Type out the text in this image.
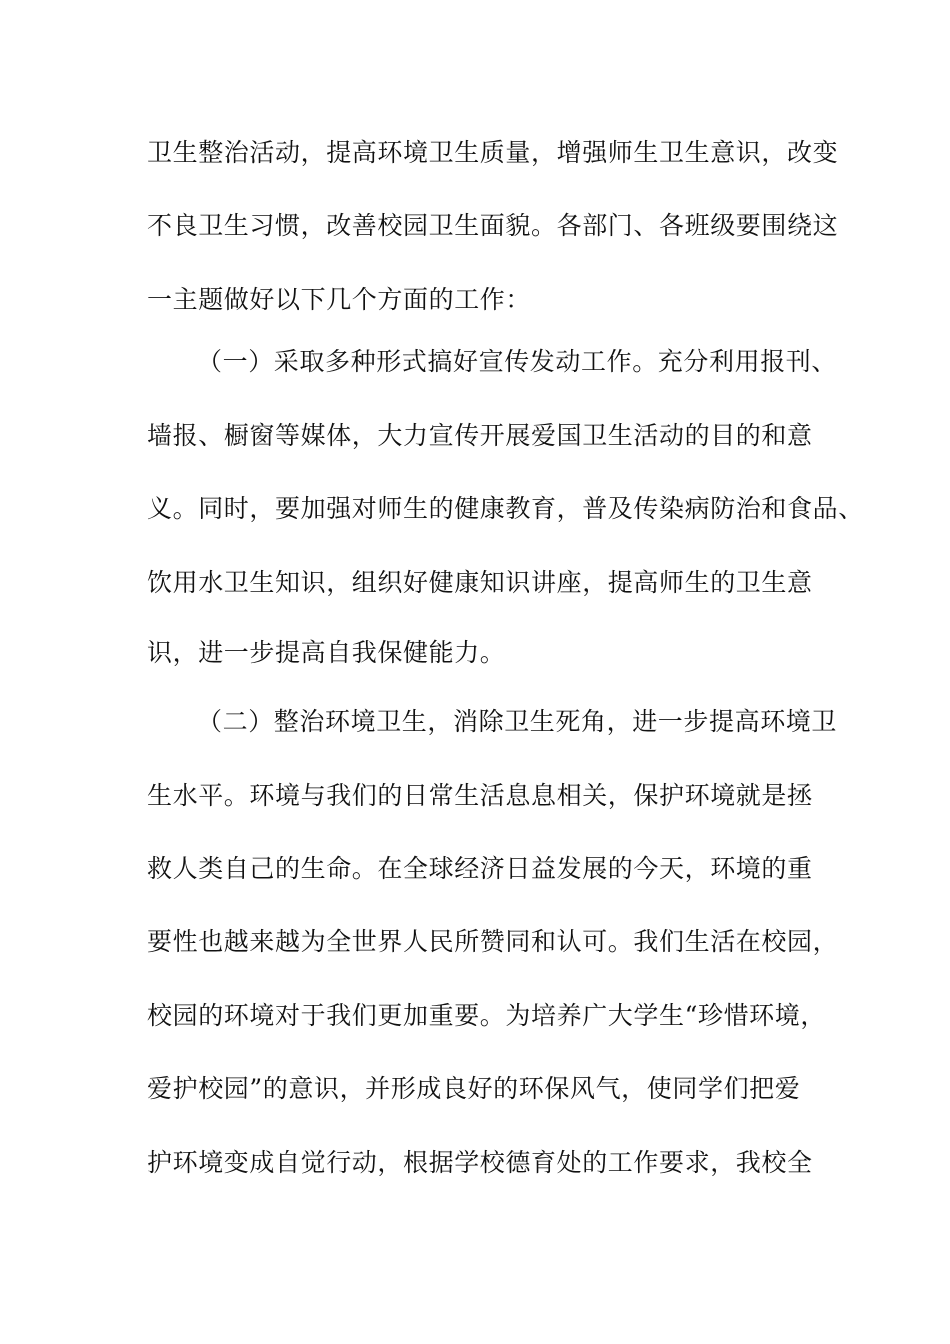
卫生整治活动，提高环境卫生质量，增强师生卫生意识，改变
不良卫生习惯，改善校园卫生面貌。各部门、各班级要围绕这
一主题做好以下几个方面的工作：
（一）采取多种形式搞好宣传发动工作。充分利用报刊、
墙报、橱窗等媒体，大力宣传开展爱国卫生活动的目的和意
义。同时，要加强对师生的健康教育，普及传染病防治和食品、
饮用水卫生知识，组织好健康知识讲座，提高师生的卫生意
识，进一步提高自我保健能力。
（二）整治环境卫生，消除卫生死角，进一步提高环境卫
生水平。环境与我们的日常生活息息相关，保护环境就是拯
救人类自己的生命。在全球经济日益发展的今天，环境的重
要性也越来越为全世界人民所赞同和认可。我们生活在校园，
校园的环境对于我们更加重要。为培养广大学生“珍惜环境，
爱护校园”的意识，并形成良好的环保风气，使同学们把爱
护环境变成自觉行动，根据学校德育处的工作要求，我校全
